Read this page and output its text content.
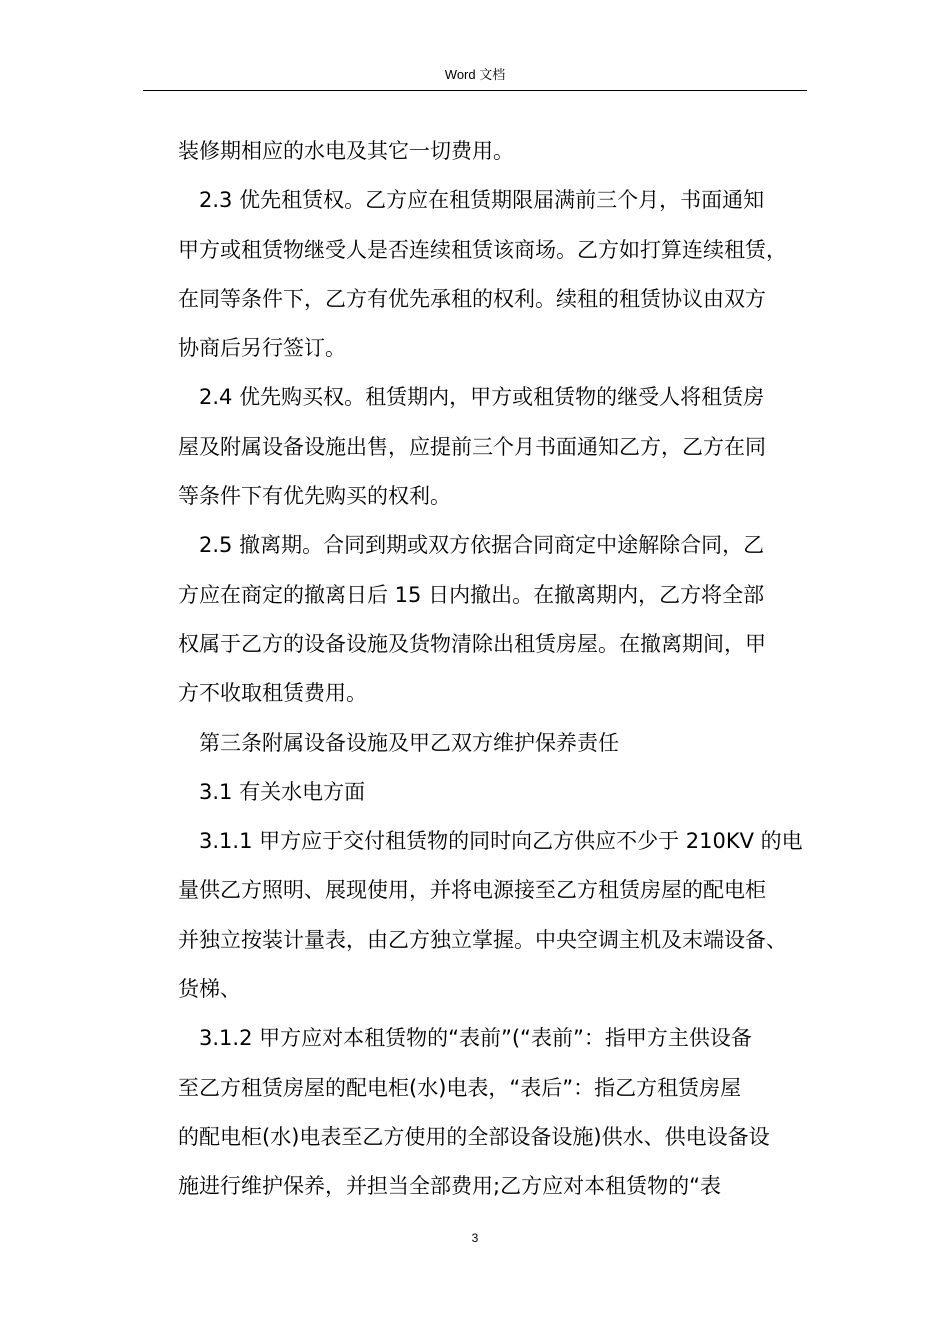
Word 文档
装修期相应的水电及其它一切费用。
2.3 优先租赁权。乙方应在租赁期限届满前三个月，书面通知
甲方或租赁物继受人是否连续租赁该商场。乙方如打算连续租赁，
在同等条件下，乙方有优先承租的权利。续租的租赁协议由双方
协商后另行签订。
2.4 优先购买权。租赁期内，甲方或租赁物的继受人将租赁房
屋及附属设备设施出售，应提前三个月书面通知乙方，乙方在同
等条件下有优先购买的权利。
2.5 撤离期。合同到期或双方依据合同商定中途解除合同，乙
方应在商定的撤离日后 15 日内撤出。在撤离期内，乙方将全部
权属于乙方的设备设施及货物清除出租赁房屋。在撤离期间，甲
方不收取租赁费用。
第三条附属设备设施及甲乙双方维护保养责任
3.1 有关水电方面
3.1.1 甲方应于交付租赁物的同时向乙方供应不少于 210KV 的电
量供乙方照明、展现使用，并将电源接至乙方租赁房屋的配电柜
并独立按装计量表，由乙方独立掌握。中央空调主机及末端设备、
货梯、
3.1.2 甲方应对本租赁物的“表前”(“表前”：指甲方主供设备
至乙方租赁房屋的配电柜(水)电表，“表后”：指乙方租赁房屋
的配电柜(水)电表至乙方使用的全部设备设施)供水、供电设备设
施进行维护保养，并担当全部费用;乙方应对本租赁物的“表
3
